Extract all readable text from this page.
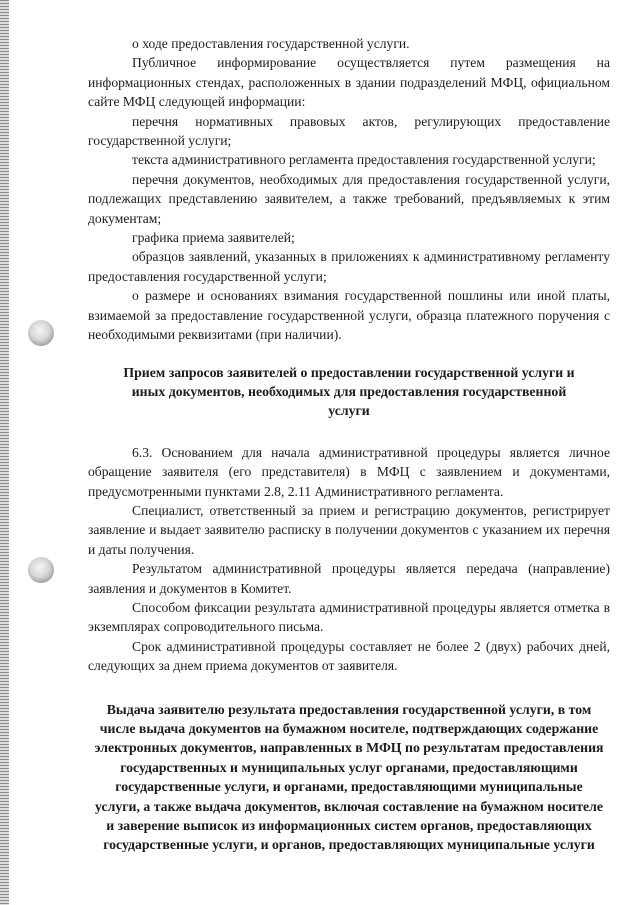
о ходе предоставления государственной услуги.

Публичное информирование осуществляется путем размещения на информационных стендах, расположенных в здании подразделений МФЦ, официальном сайте МФЦ следующей информации:

перечня нормативных правовых актов, регулирующих предоставление государственной услуги;

текста административного регламента предоставления государственной услуги;

перечня документов, необходимых для предоставления государственной услуги, подлежащих представлению заявителем, а также требований, предъявляемых к этим документам;

графика приема заявителей;

образцов заявлений, указанных в приложениях к административному регламенту предоставления государственной услуги;

о размере и основаниях взимания государственной пошлины или иной платы, взимаемой за предоставление государственной услуги, образца платежного поручения с необходимыми реквизитами (при наличии).

Прием запросов заявителей о предоставлении государственной услуги и иных документов, необходимых для предоставления государственной услуги

6.3. Основанием для начала административной процедуры является личное обращение заявителя (его представителя) в МФЦ с заявлением и документами, предусмотренными пунктами 2.8, 2.11 Административного регламента.

Специалист, ответственный за прием и регистрацию документов, регистрирует заявление и выдает заявителю расписку в получении документов с указанием их перечня и даты получения.

Результатом административной процедуры является передача (направление) заявления и документов в Комитет.

Способом фиксации результата административной процедуры является отметка в экземплярах сопроводительного письма.

Срок административной процедуры составляет не более 2 (двух) рабочих дней, следующих за днем приема документов от заявителя.

Выдача заявителю результата предоставления государственной услуги, в том числе выдача документов на бумажном носителе, подтверждающих содержание электронных документов, направленных в МФЦ по результатам предоставления государственных и муниципальных услуг органами, предоставляющими государственные услуги, и органами, предоставляющими муниципальные услуги, а также выдача документов, включая составление на бумажном носителе и заверение выписок из информационных систем органов, предоставляющих государственные услуги, и органов, предоставляющих муниципальные услуги
